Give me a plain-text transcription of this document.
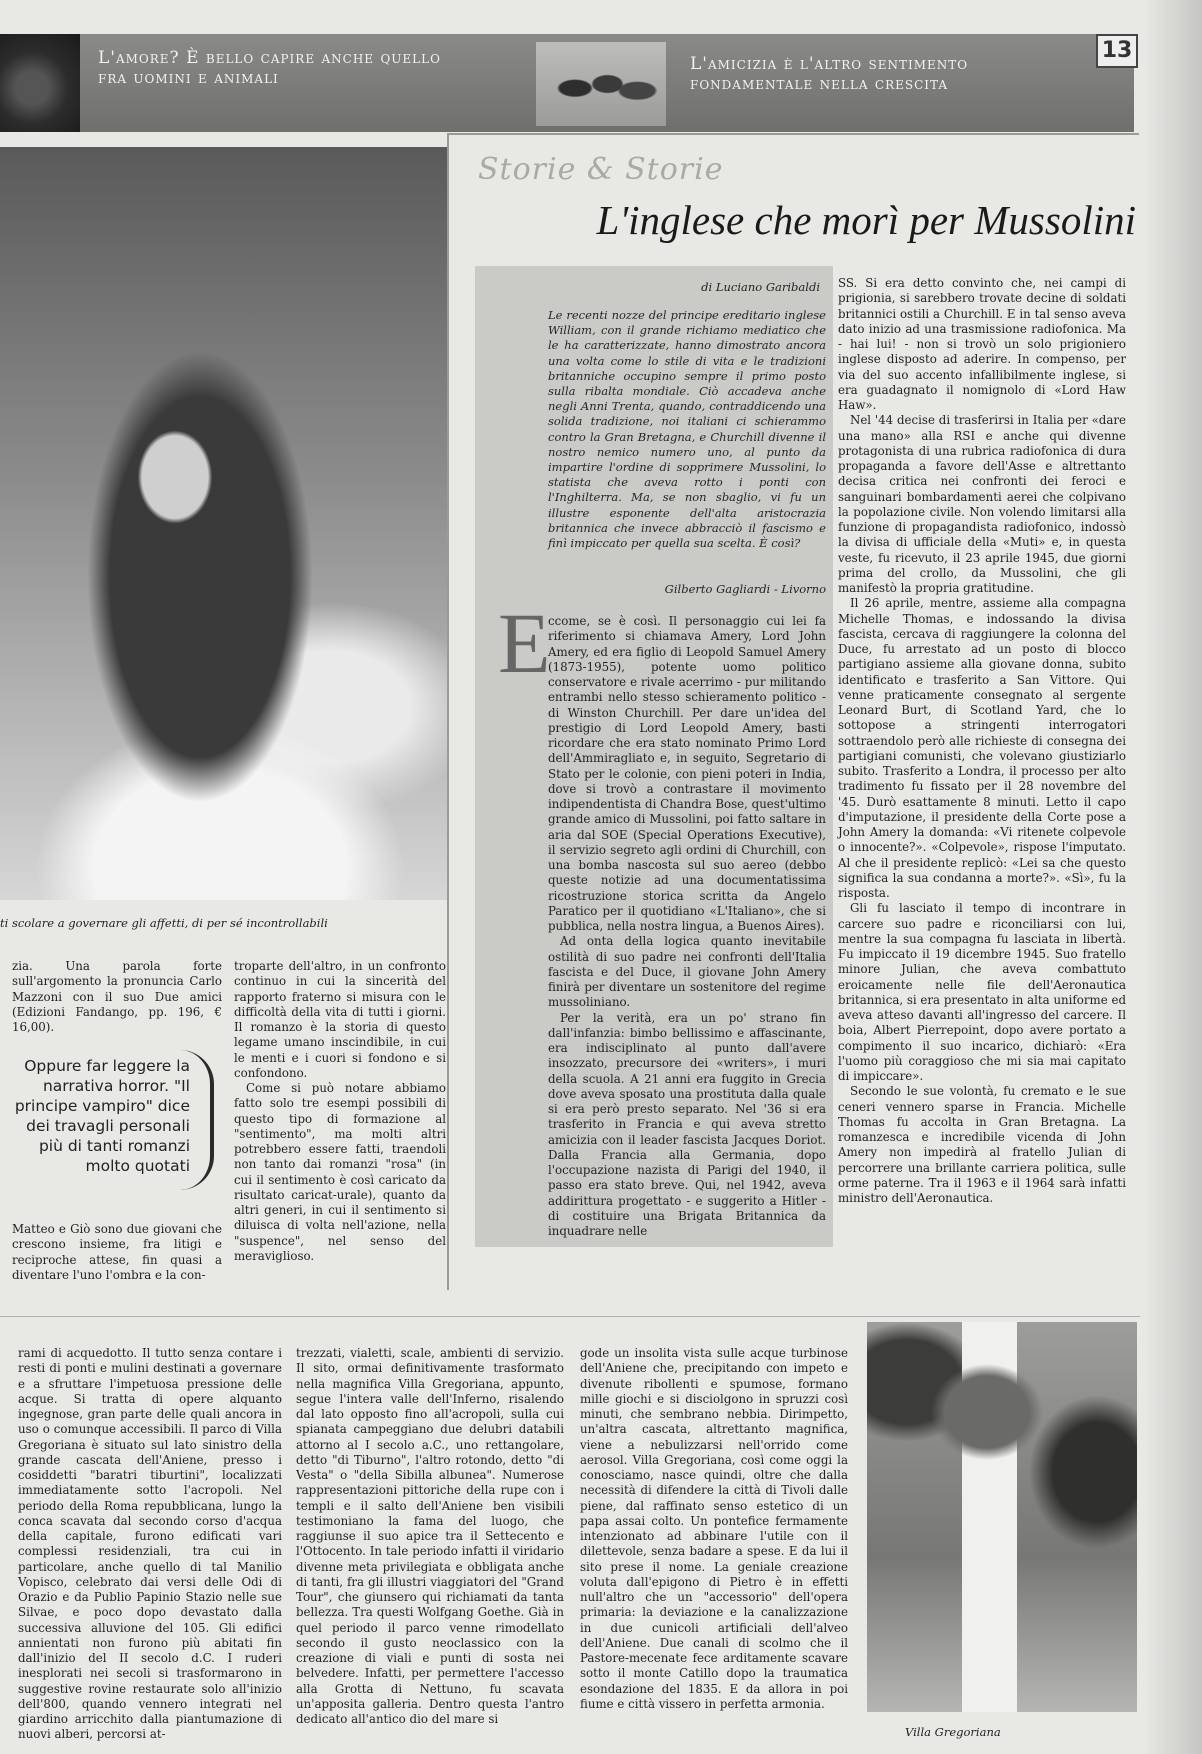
L'amore? È bello capire anche quello fra uomini e animali
L'amicizia è l'altro sentimento fondamentale nella crescita
13
ti scolare a governare gli affetti, di per sé incontrollabili
Storie & Storie
L'inglese che morì per Mussolini
di Luciano Garibaldi
Le recenti nozze del principe ereditario inglese William, con il grande richiamo mediatico che le ha caratterizzate, hanno dimostrato ancora una volta come lo stile di vita e le tradizioni britanniche occupino sempre il primo posto sulla ribalta mondiale. Ciò accadeva anche negli Anni Trenta, quando, contraddicendo una solida tradizione, noi italiani ci schierammo contro la Gran Bretagna, e Churchill divenne il nostro nemico numero uno, al punto da impartire l'ordine di sopprimere Mussolini, lo statista che aveva rotto i ponti con l'Inghilterra. Ma, se non sbaglio, vi fu un illustre esponente dell'alta aristocrazia britannica che invece abbracciò il fascismo e finì impiccato per quella sua scelta. È così?
Gilberto Gagliardi - Livorno
E

ccome, se è così. Il personaggio cui lei fa riferimento si chiamava Amery, Lord John Amery, ed era figlio di Leopold Samuel Amery (1873-1955), potente uomo politico conservatore e rivale acerrimo - pur militando entrambi nello stesso schieramento politico - di Winston Churchill. Per dare un'idea del prestigio di Lord Leopold Amery, basti ricordare che era stato nominato Primo Lord dell'Ammiragliato e, in seguito, Segretario di Stato per le colonie, con pieni poteri in India, dove si trovò a contrastare il movimento indipendentista di Chandra Bose, quest'ultimo grande amico di Mussolini, poi fatto saltare in aria dal SOE (Special Operations Executive), il servizio segreto agli ordini di Churchill, con una bomba nascosta sul suo aereo (debbo queste notizie ad una documentatissima ricostruzione storica scritta da Angelo Paratico per il quotidiano «L'Italiano», che si pubblica, nella nostra lingua, a Buenos Aires).

Ad onta della logica quanto inevitabile ostilità di suo padre nei confronti dell'Italia fascista e del Duce, il giovane John Amery finirà per diventare un sostenitore del regime mussoliniano.

Per la verità, era un po' strano fin dall'infanzia: bimbo bellissimo e affascinante, era indisciplinato al punto dall'avere insozzato, precursore dei «writers», i muri della scuola. A 21 anni era fuggito in Grecia dove aveva sposato una prostituta dalla quale si era però presto separato. Nel '36 si era trasferito in Francia e qui aveva stretto amicizia con il leader fascista Jacques Doriot. Dalla Francia alla Germania, dopo l'occupazione nazista di Parigi del 1940, il passo era stato breve. Qui, nel 1942, aveva addirittura progettato - e suggerito a Hitler - di costituire una Brigata Britannica da inquadrare nelle

SS. Si era detto convinto che, nei campi di prigionia, si sarebbero trovate decine di soldati britannici ostili a Churchill. E in tal senso aveva dato inizio ad una trasmissione radiofonica. Ma - hai lui! - non si trovò un solo prigioniero inglese disposto ad aderire. In compenso, per via del suo accento infallibilmente inglese, si era guadagnato il nomignolo di «Lord Haw Haw».

Nel '44 decise di trasferirsi in Italia per «dare una mano» alla RSI e anche qui divenne protagonista di una rubrica radiofonica di dura propaganda a favore dell'Asse e altrettanto decisa critica nei confronti dei feroci e sanguinari bombardamenti aerei che colpivano la popolazione civile. Non volendo limitarsi alla funzione di propagandista radiofonico, indossò la divisa di ufficiale della «Muti» e, in questa veste, fu ricevuto, il 23 aprile 1945, due giorni prima del crollo, da Mussolini, che gli manifestò la propria gratitudine.

Il 26 aprile, mentre, assieme alla compagna Michelle Thomas, e indossando la divisa fascista, cercava di raggiungere la colonna del Duce, fu arrestato ad un posto di blocco partigiano assieme alla giovane donna, subito identificato e trasferito a San Vittore. Qui venne praticamente consegnato al sergente Leonard Burt, di Scotland Yard, che lo sottopose a stringenti interrogatori sottraendolo però alle richieste di consegna dei partigiani comunisti, che volevano giustiziarlo subito. Trasferito a Londra, il processo per alto tradimento fu fissato per il 28 novembre del '45. Durò esattamente 8 minuti. Letto il capo d'imputazione, il presidente della Corte pose a John Amery la domanda: «Vi ritenete colpevole o innocente?». «Colpevole», rispose l'imputato. Al che il presidente replicò: «Lei sa che questo significa la sua condanna a morte?». «Sì», fu la risposta.

Gli fu lasciato il tempo di incontrare in carcere suo padre e riconciliarsi con lui, mentre la sua compagna fu lasciata in libertà. Fu impiccato il 19 dicembre 1945. Suo fratello minore Julian, che aveva combattuto eroicamente nelle file dell'Aeronautica britannica, si era presentato in alta uniforme ed aveva atteso davanti all'ingresso del carcere. Il boia, Albert Pierrepoint, dopo avere portato a compimento il suo incarico, dichiarò: «Era l'uomo più coraggioso che mi sia mai capitato di impiccare».

Secondo le sue volontà, fu cremato e le sue ceneri vennero sparse in Francia. Michelle Thomas fu accolta in Gran Bretagna. La romanzesca e incredibile vicenda di John Amery non impedirà al fratello Julian di percorrere una brillante carriera politica, sulle orme paterne. Tra il 1963 e il 1964 sarà infatti ministro dell'Aeronautica.

zia. Una parola forte sull'argomento la pronuncia Carlo Mazzoni con il suo Due amici (Edizioni Fandango, pp. 196, € 16,00).

troparte dell'altro, in un confronto continuo in cui la sincerità del rapporto fraterno si misura con le difficoltà della vita di tutti i giorni. Il romanzo è la storia di questo legame umano inscindibile, in cui le menti e i cuori si fondono e si confondono.

Come si può notare abbiamo fatto solo tre esempi possibili di questo tipo di formazione al "sentimento", ma molti altri potrebbero essere fatti, traendoli non tanto dai romanzi "rosa" (in cui il sentimento è così caricato da risultato caricat-urale), quanto da altri generi, in cui il sentimento si diluisca di volta nell'azione, nella "suspence", nel senso del meraviglioso.

Oppure far leggere la narrativa horror. "Il principe vampiro" dice dei travagli personali più di tanti romanzi molto quotati

Matteo e Giò sono due giovani che crescono insieme, fra litigi e reciproche attese, fin quasi a diventare l'uno l'ombra e la con-

rami di acquedotto. Il tutto senza contare i resti di ponti e mulini destinati a governare e a sfruttare l'impetuosa pressione delle acque. Si tratta di opere alquanto ingegnose, gran parte delle quali ancora in uso o comunque accessibili. Il parco di Villa Gregoriana è situato sul lato sinistro della grande cascata dell'Aniene, presso i cosiddetti "baratri tiburtini", localizzati immediatamente sotto l'acropoli. Nel periodo della Roma repubblicana, lungo la conca scavata dal secondo corso d'acqua della capitale, furono edificati vari complessi residenziali, tra cui in particolare, anche quello di tal Manilio Vopisco, celebrato dai versi delle Odi di Orazio e da Publio Papinio Stazio nelle sue Silvae, e poco dopo devastato dalla successiva alluvione del 105. Gli edifici annientati non furono più abitati fin dall'inizio del II secolo d.C. I ruderi inesplorati nei secoli si trasformarono in suggestive rovine restaurate solo all'inizio dell'800, quando vennero integrati nel giardino arricchito dalla piantumazione di nuovi alberi, percorsi at-

trezzati, vialetti, scale, ambienti di servizio. Il sito, ormai definitivamente trasformato nella magnifica Villa Gregoriana, appunto, segue l'intera valle dell'Inferno, risalendo dal lato opposto fino all'acropoli, sulla cui spianata campeggiano due delubri databili attorno al I secolo a.C., uno rettangolare, detto "di Tiburno", l'altro rotondo, detto "di Vesta" o "della Sibilla albunea". Numerose rappresentazioni pittoriche della rupe con i templi e il salto dell'Aniene ben visibili testimoniano la fama del luogo, che raggiunse il suo apice tra il Settecento e l'Ottocento. In tale periodo infatti il viridario divenne meta privilegiata e obbligata anche di tanti, fra gli illustri viaggiatori del "Grand Tour", che giunsero qui richiamati da tanta bellezza. Tra questi Wolfgang Goethe. Già in quel periodo il parco venne rimodellato secondo il gusto neoclassico con la creazione di viali e punti di sosta nei belvedere. Infatti, per permettere l'accesso alla Grotta di Nettuno, fu scavata un'apposita galleria. Dentro questa l'antro dedicato all'antico dio del mare si

gode un insolita vista sulle acque turbinose dell'Aniene che, precipitando con impeto e divenute ribollenti e spumose, formano mille giochi e si disciolgono in spruzzi così minuti, che sembrano nebbia. Dirimpetto, un'altra cascata, altrettanto magnifica, viene a nebulizzarsi nell'orrido come aerosol. Villa Gregoriana, così come oggi la conosciamo, nasce quindi, oltre che dalla necessità di difendere la città di Tivoli dalle piene, dal raffinato senso estetico di un papa assai colto. Un pontefice fermamente intenzionato ad abbinare l'utile con il dilettevole, senza badare a spese. E da lui il sito prese il nome. La geniale creazione voluta dall'epigono di Pietro è in effetti null'altro che un "accessorio" dell'opera primaria: la deviazione e la canalizzazione in due cunicoli artificiali dell'alveo dell'Aniene. Due canali di scolmo che il Pastore-mecenate fece arditamente scavare sotto il monte Catillo dopo la traumatica esondazione del 1835. E da allora in poi fiume e città vissero in perfetta armonia.

Villa Gregoriana
